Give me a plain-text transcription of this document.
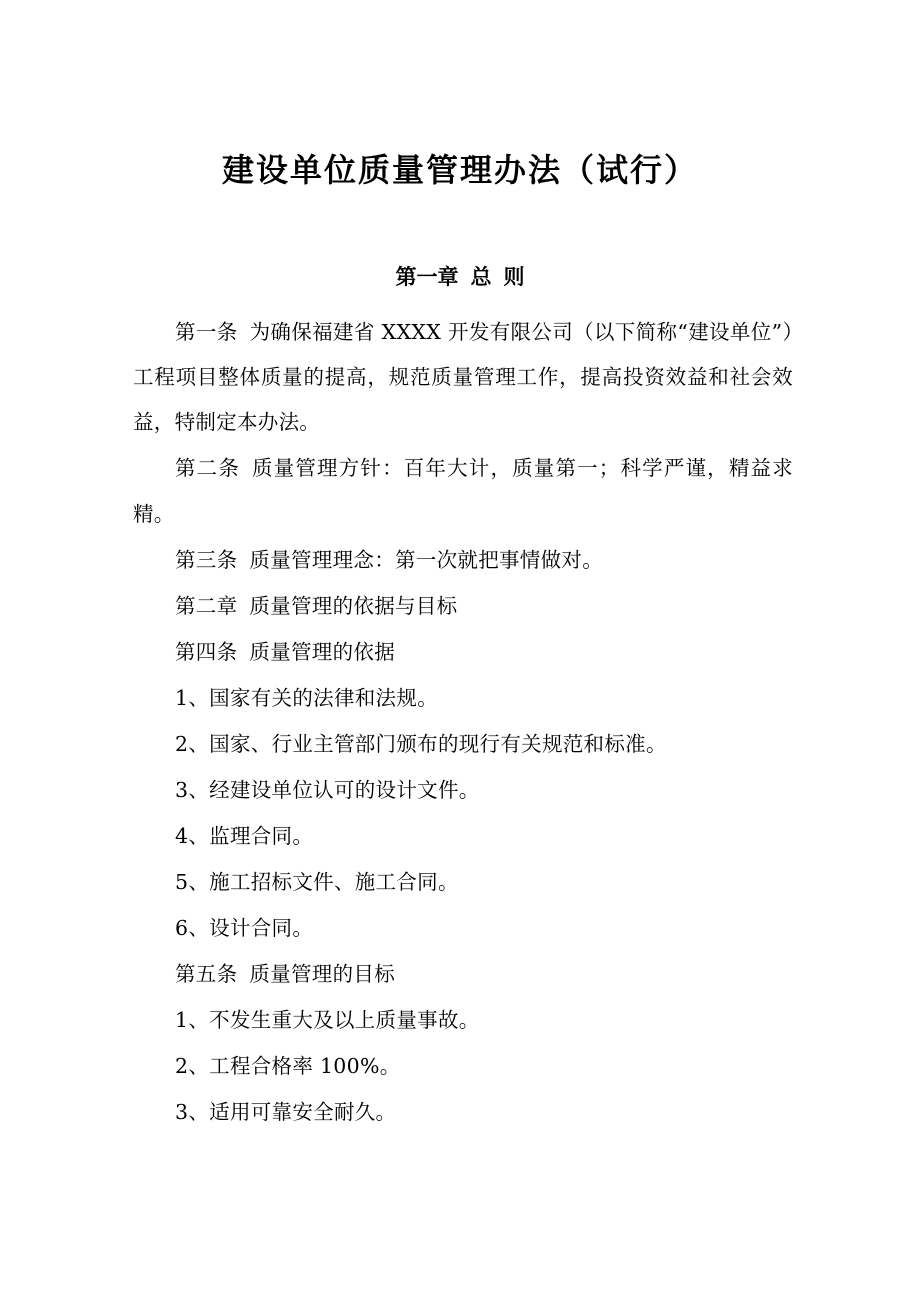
建设单位质量管理办法（试行）
第一章 总 则

第一条 为确保福建省 XXXX 开发有限公司（以下简称“建设单位”）工程项目整体质量的提高，规范质量管理工作，提高投资效益和社会效益，特制定本办法。

第二条 质量管理方针：百年大计，质量第一；科学严谨，精益求精。

第三条 质量管理理念：第一次就把事情做对。

第二章 质量管理的依据与目标

第四条 质量管理的依据

1、国家有关的法律和法规。

2、国家、行业主管部门颁布的现行有关规范和标准。

3、经建设单位认可的设计文件。

4、监理合同。

5、施工招标文件、施工合同。

6、设计合同。

第五条 质量管理的目标

1、不发生重大及以上质量事故。

2、工程合格率 100%。

3、适用可靠安全耐久。
